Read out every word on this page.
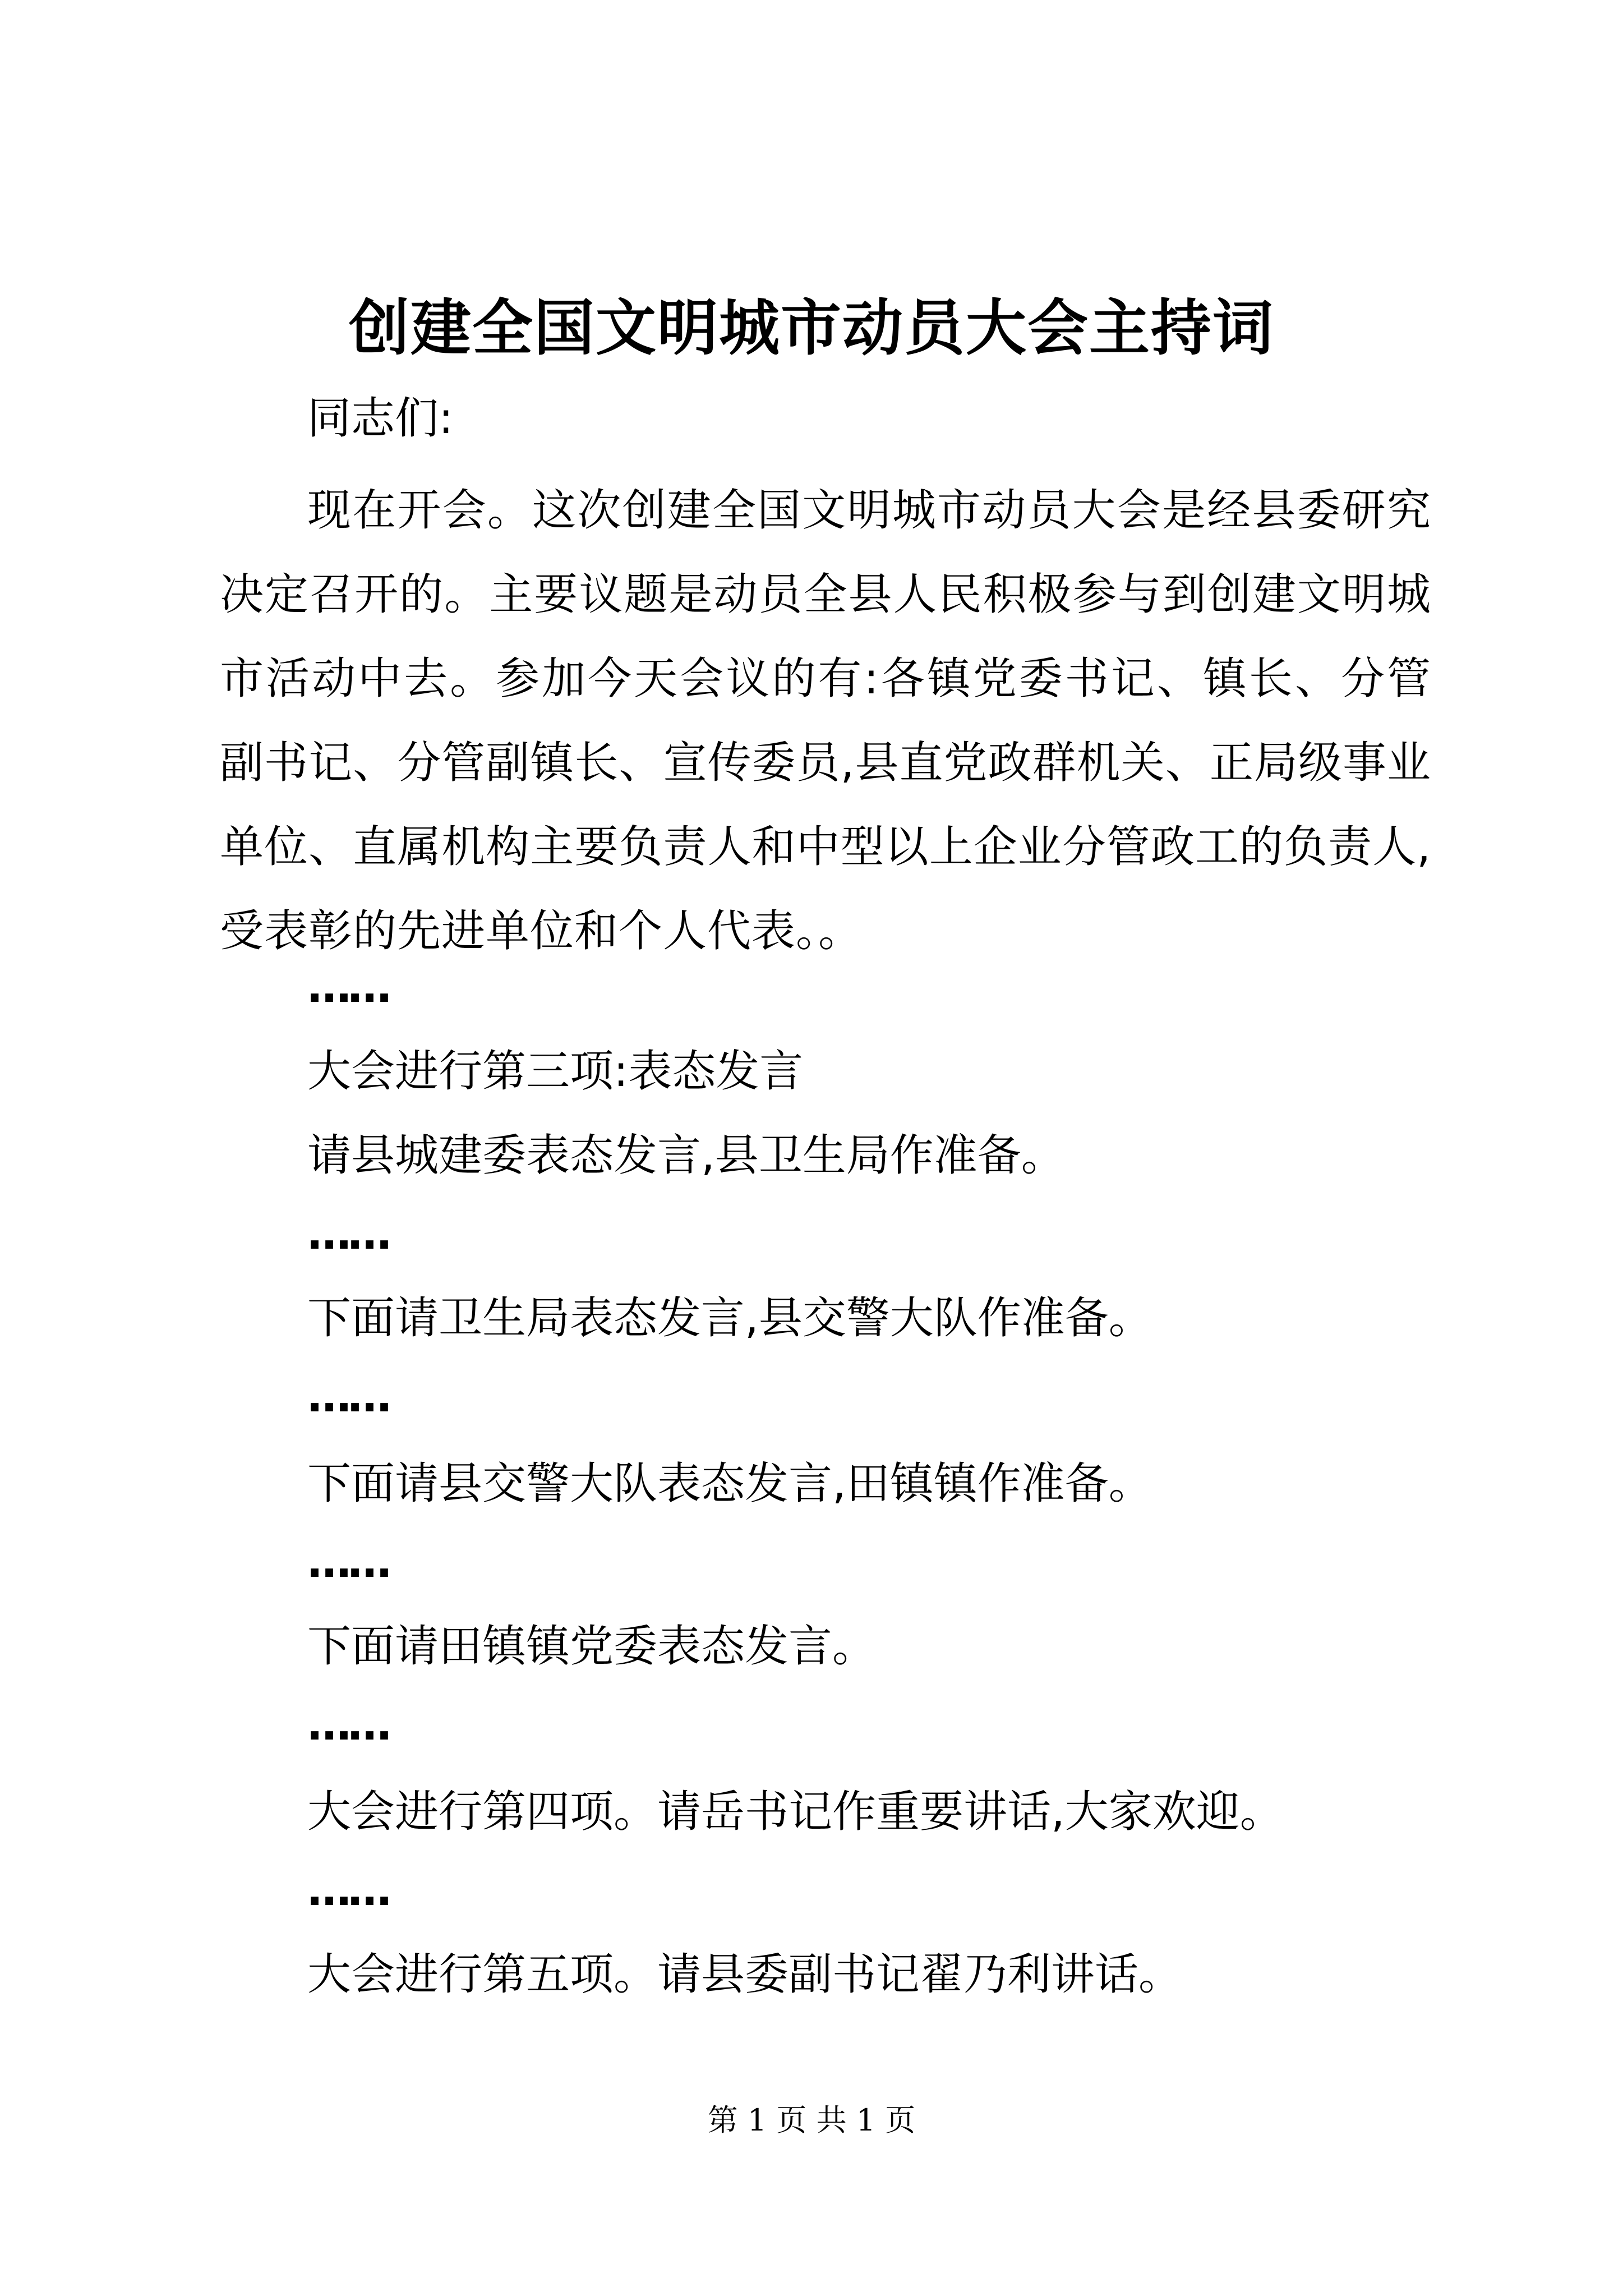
创建全国文明城市动员大会主持词
同志们:
现在开会。这次创建全国文明城市动员大会是经县委研究决定召开的。主要议题是动员全县人民积极参与到创建文明城市活动中去。参加今天会议的有:各镇党委书记、镇长、分管副书记、分管副镇长、宣传委员,县直党政群机关、正局级事业单位、直属机构主要负责人和中型以上企业分管政工的负责人,受表彰的先进单位和个人代表。。
……
大会进行第三项:表态发言
请县城建委表态发言,县卫生局作准备。
……
下面请卫生局表态发言,县交警大队作准备。
……
下面请县交警大队表态发言,田镇镇作准备。
……
下面请田镇镇党委表态发言。
……
大会进行第四项。请岳书记作重要讲话,大家欢迎。
……
大会进行第五项。请县委副书记翟乃利讲话。
第 1 页 共 1 页
